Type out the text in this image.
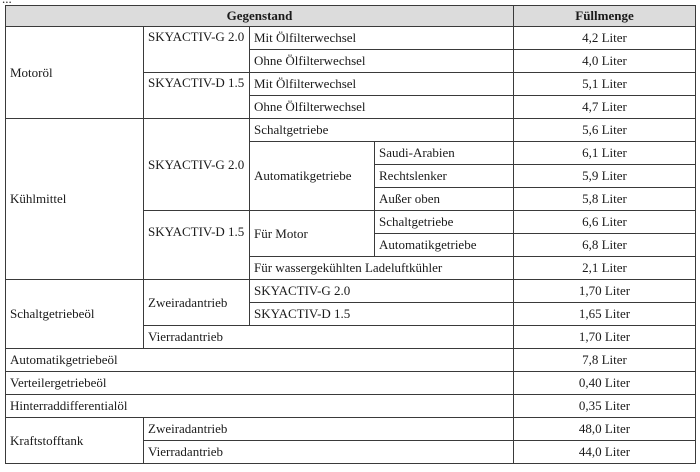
Gegenstand				Füllmenge
Motoröl	SKYACTIV-G 2.0	Mit Ölfilterwechsel		4,2 Liter
		Ohne Ölfilterwechsel		4,0 Liter
	SKYACTIV-D 1.5	Mit Ölfilterwechsel		5,1 Liter
		Ohne Ölfilterwechsel		4,7 Liter
Kühlmittel	SKYACTIV-G 2.0	Schaltgetriebe		5,6 Liter
		Automatikgetriebe	Saudi-Arabien	6,1 Liter
			Rechtslenker	5,9 Liter
			Außer oben	5,8 Liter
	SKYACTIV-D 1.5	Für Motor	Schaltgetriebe	6,6 Liter
			Automatikgetriebe	6,8 Liter
		Für wassergekühlten Ladeluftkühler		2,1 Liter
Schaltgetriebeöl	Zweiradantrieb	SKYACTIV-G 2.0		1,70 Liter
		SKYACTIV-D 1.5		1,65 Liter
	Vierradantrieb			1,70 Liter
Automatikgetriebeöl				7,8 Liter
Verteilergetriebeöl				0,40 Liter
Hinterraddifferentialöl				0,35 Liter
Kraftstofftank	Zweiradantrieb			48,0 Liter
	Vierradantrieb			44,0 Liter
